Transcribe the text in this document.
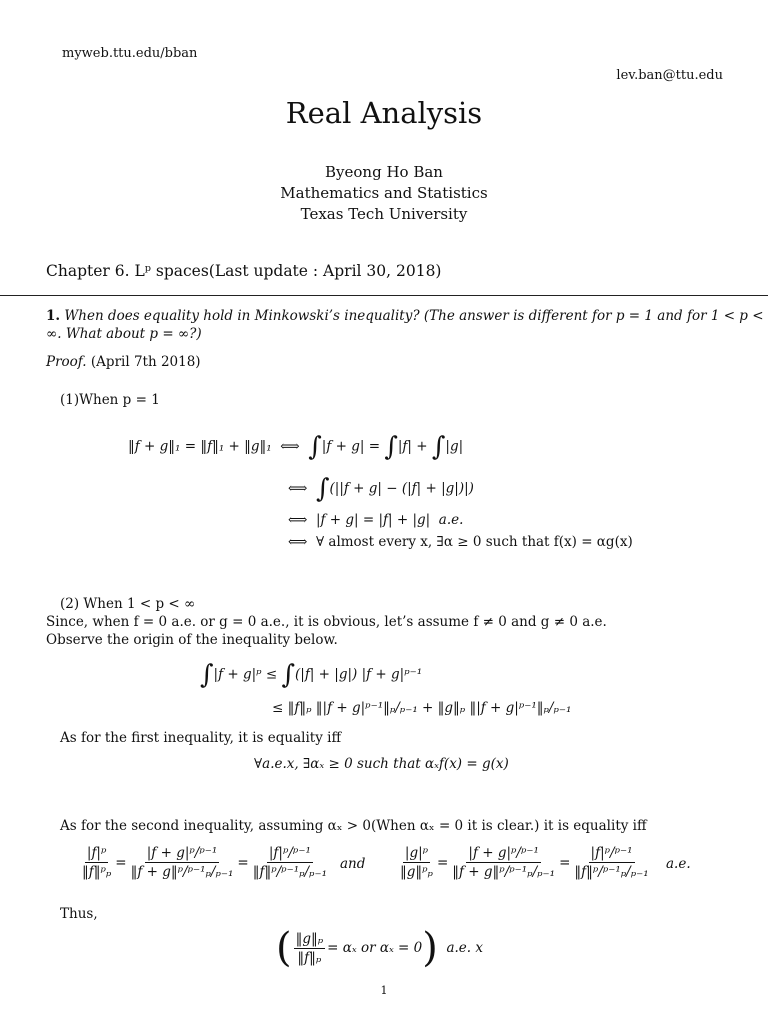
myweb.ttu.edu/bban
lev.ban@ttu.edu
Real Analysis
Byeong Ho Ban
Mathematics and Statistics
Texas Tech University
Chapter 6. Lᵖ spaces(Last update : April 30, 2018)
1. When does equality hold in Minkowski’s inequality? (The answer is different for p = 1 and for 1 < p <
∞. What about p = ∞?)
Proof. (April 7th 2018)
(1)When p = 1
‖f + g‖₁ = ‖f‖₁ + ‖g‖₁ ⟺ ∫|f + g| = ∫|f| + ∫|g|
⟺ ∫(||f + g| − (|f| + |g|)|)
⟺ |f + g| = |f| + |g| a.e.
⟺ ∀ almost every x, ∃α ≥ 0 such that f(x) = αg(x)
(2) When 1 < p < ∞
Since, when f = 0 a.e. or g = 0 a.e., it is obvious, let’s assume f ≠ 0 and g ≠ 0 a.e.
Observe the origin of the inequality below.
∫|f + g|ᵖ ≤ ∫(|f| + |g|) |f + g|ᵖ⁻¹
≤ ‖f‖ₚ ‖|f + g|ᵖ⁻¹‖ₚ/ₚ₋₁ + ‖g‖ₚ ‖|f + g|ᵖ⁻¹‖ₚ/ₚ₋₁
As for the first inequality, it is equality iff
∀a.e.x, ∃αₓ ≥ 0 such that αₓf(x) = g(x)
As for the second inequality, assuming αₓ > 0(When αₓ = 0 it is clear.) it is equality iff
$\frac{\text{|f|ᵖ}}{\text{‖f‖ᵖₚ}} = \frac{\text{|f + g|ᵖ/ᵖ⁻¹}}{\text{‖f + g‖ᵖ/ᵖ⁻¹ₚ/ₚ₋₁}} = \frac{\text{|f|ᵖ/ᵖ⁻¹}}{\text{‖f‖ᵖ/ᵖ⁻¹ₚ/ₚ₋₁}}$ and $\frac{\text{|g|ᵖ}}{\text{‖g‖ᵖₚ}} = \frac{\text{|f + g|ᵖ/ᵖ⁻¹}}{\text{‖f + g‖ᵖ/ᵖ⁻¹ₚ/ₚ₋₁}} = \frac{\text{|f|ᵖ/ᵖ⁻¹}}{\text{‖f‖ᵖ/ᵖ⁻¹ₚ/ₚ₋₁}} a.e$.
Thus,
( $\frac{\text{‖g‖ₚ}}{\text{‖f‖ₚ}} = \alpha_x$ or αₓ = 0 )
a.e. x
1
